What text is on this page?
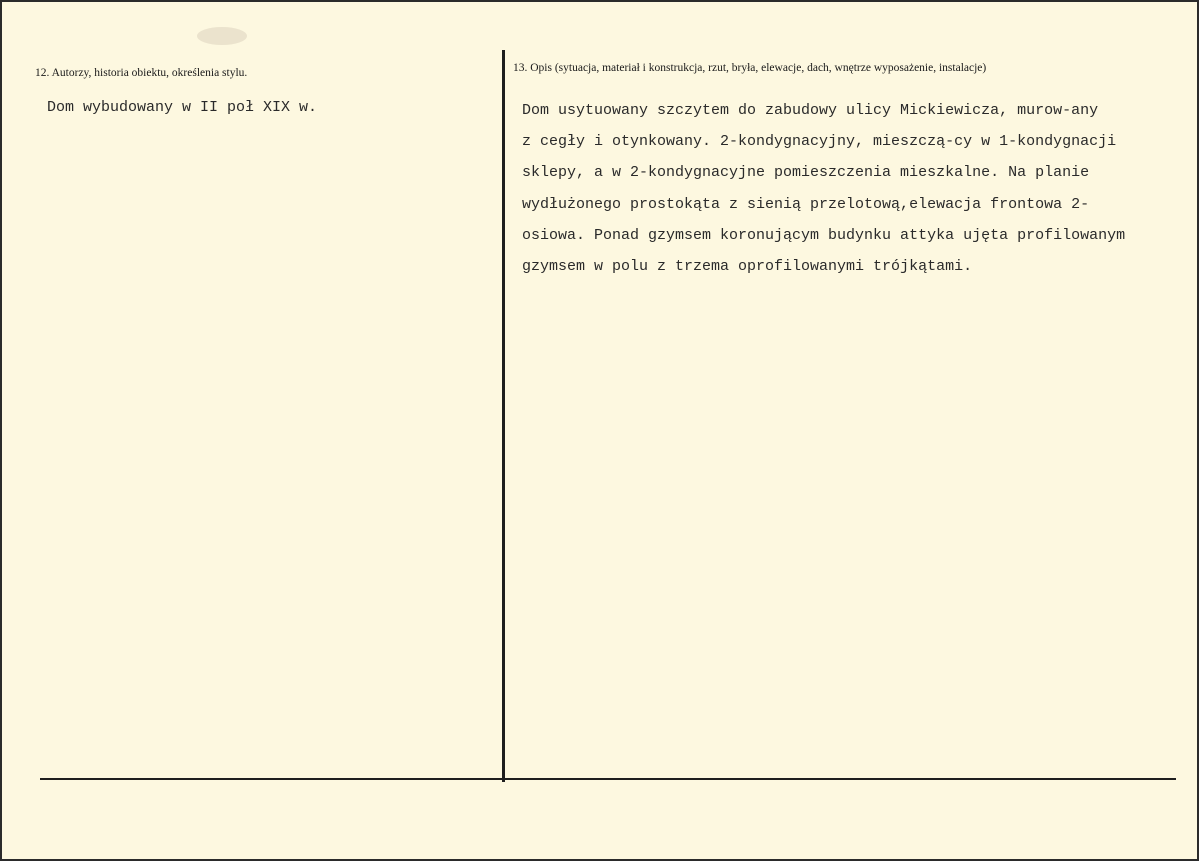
12. Autorzy, historia obiektu, określenia stylu.
Dom wybudowany w II poł XIX w.
13. Opis (sytuacja, materiał i konstrukcja, rzut, bryła, elewacje, dach, wnętrze wyposażenie, instalacje)
Dom usytuowany szczytem do zabudowy ulicy Mickiewicza, murow-any
z cegły i otynkowany. 2-kondygnacyjny, mieszczą-cy w 1-kondygnacji
sklepy, a w 2-kondygnacyjne pomieszczenia mieszkalne. Na planie
wydłużonego prostokąta z sienią przelotową,elewacja frontowa 2-
osiowa. Ponad gzymsem koronującym budynku attyka ujęta profilowanym
gzymsem w polu z trzema oprofilowanymi trójkątami.
